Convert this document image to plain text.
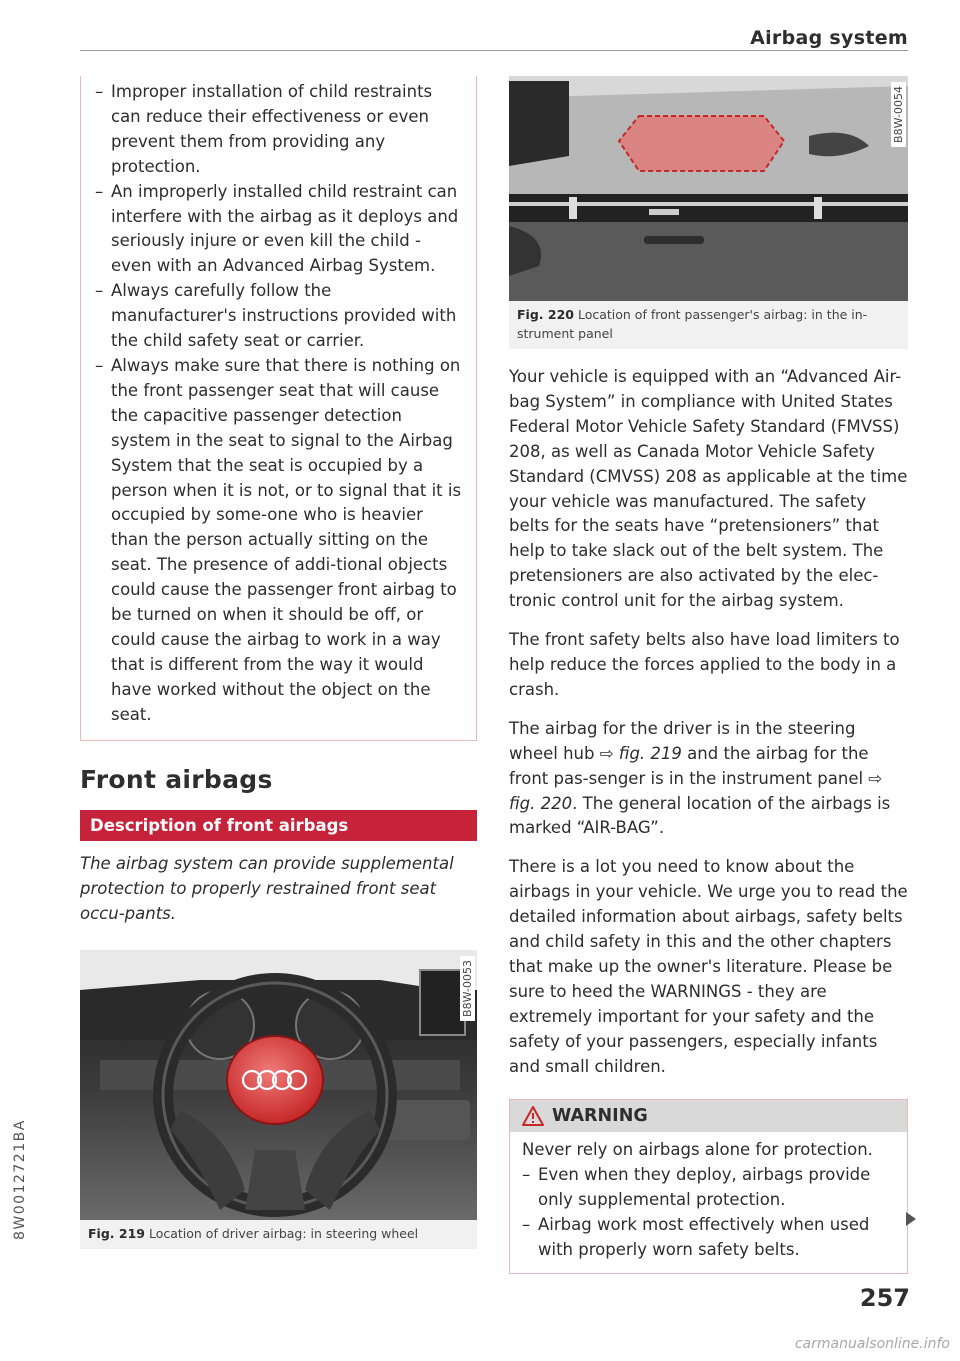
Airbag system
8W0012721BA
– Improper installation of child restraints can reduce their effectiveness or even prevent them from providing any protection.
– An improperly installed child restraint can interfere with the airbag as it deploys and seriously injure or even kill the child - even with an Advanced Airbag System.
– Always carefully follow the manufacturer's instructions provided with the child safety seat or carrier.
– Always make sure that there is nothing on the front passenger seat that will cause the capacitive passenger detection system in the seat to signal to the Airbag System that the seat is occupied by a person when it is not, or to signal that it is occupied by some-one who is heavier than the person actually sitting on the seat. The presence of addi-tional objects could cause the passenger front airbag to be turned on when it should be off, or could cause the airbag to work in a way that is different from the way it would have worked without the object on the seat.
Front airbags
Description of front airbags

The airbag system can provide supplemental protection to properly restrained front seat occu-pants.

B8W-0053
Fig. 219 Location of driver airbag: in steering wheel
B8W-0054
Fig. 220 Location of front passenger's airbag: in the in-strument panel

Your vehicle is equipped with an “Advanced Air-bag System” in compliance with United States Federal Motor Vehicle Safety Standard (FMVSS) 208, as well as Canada Motor Vehicle Safety Standard (CMVSS) 208 as applicable at the time your vehicle was manufactured. The safety belts for the seats have “pretensioners” that help to take slack out of the belt system. The pretensioners are also activated by the elec-tronic control unit for the airbag system.

The front safety belts also have load limiters to help reduce the forces applied to the body in a crash.

The airbag for the driver is in the steering wheel hub ⇨ fig. 219 and the airbag for the front pas-senger is in the instrument panel ⇨ fig. 220. The general location of the airbags is marked “AIR-BAG”.

There is a lot you need to know about the airbags in your vehicle. We urge you to read the detailed information about airbags, safety belts and child safety in this and the other chapters that make up the owner's literature. Please be sure to heed the WARNINGS - they are extremely important for your safety and the safety of your passengers, especially infants and small children.

WARNING

Never rely on airbags alone for protection.

– Even when they deploy, airbags provide only supplemental protection.
– Airbag work most effectively when used with properly worn safety belts.
257
carmanualsonline.info
